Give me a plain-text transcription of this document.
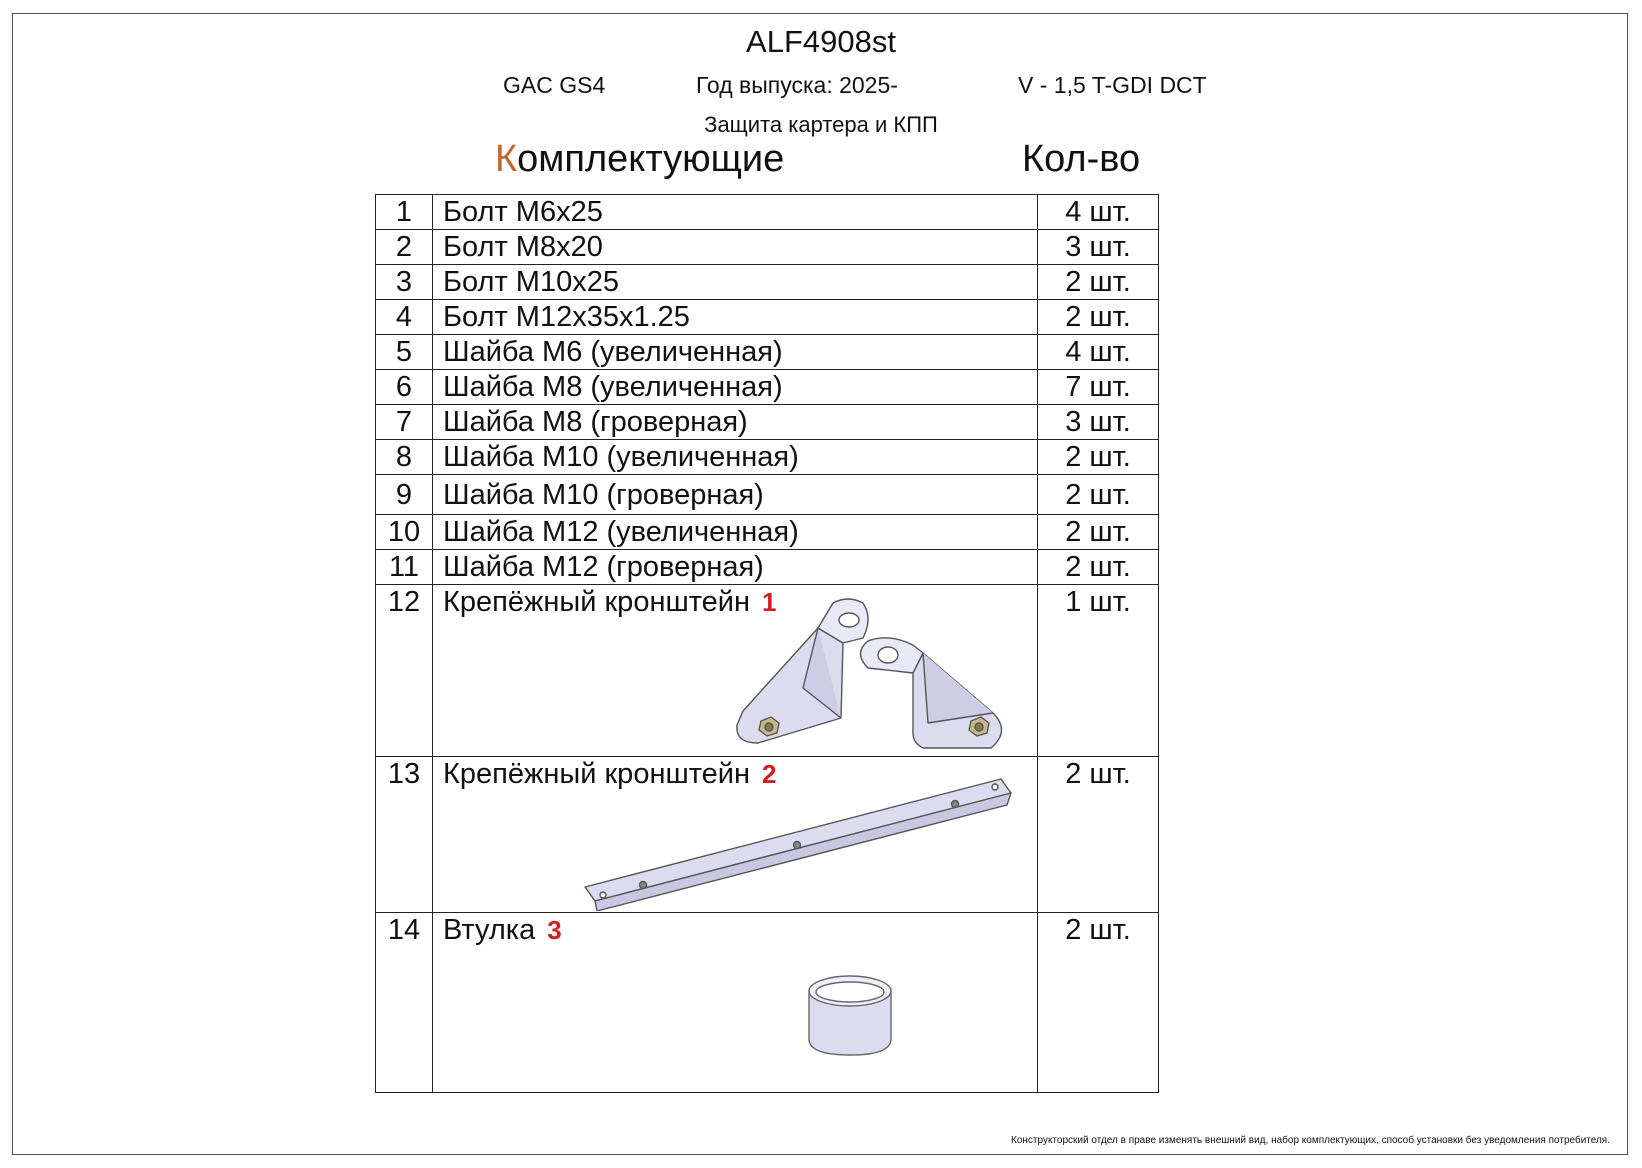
ALF4908st
GAC GS4	Год выпуска: 2025-	V - 1,5 T-GDI DCT
Защита картера и КПП
Комплектующие	Кол-во
1	Болт М6х25	4 шт.
2	Болт М8х20	3 шт.
3	Болт М10х25	2 шт.
4	Болт М12х35х1.25	2 шт.
5	Шайба М6 (увеличенная)	4 шт.
6	Шайба М8 (увеличенная)	7 шт.
7	Шайба М8 (гроверная)	3 шт.
8	Шайба М10 (увеличенная)	2 шт.
9	Шайба М10 (гроверная)	2 шт.
10	Шайба М12 (увеличенная)	2 шт.
11	Шайба М12 (гроверная)	2 шт.
12	Крепёжный кронштейн 1	1 шт.
13	Крепёжный кронштейн 2	2 шт.
14	Втулка 3	2 шт.
Конструкторский отдел в праве изменять внешний вид, набор комплектующих, способ установки без уведомления потребителя.
